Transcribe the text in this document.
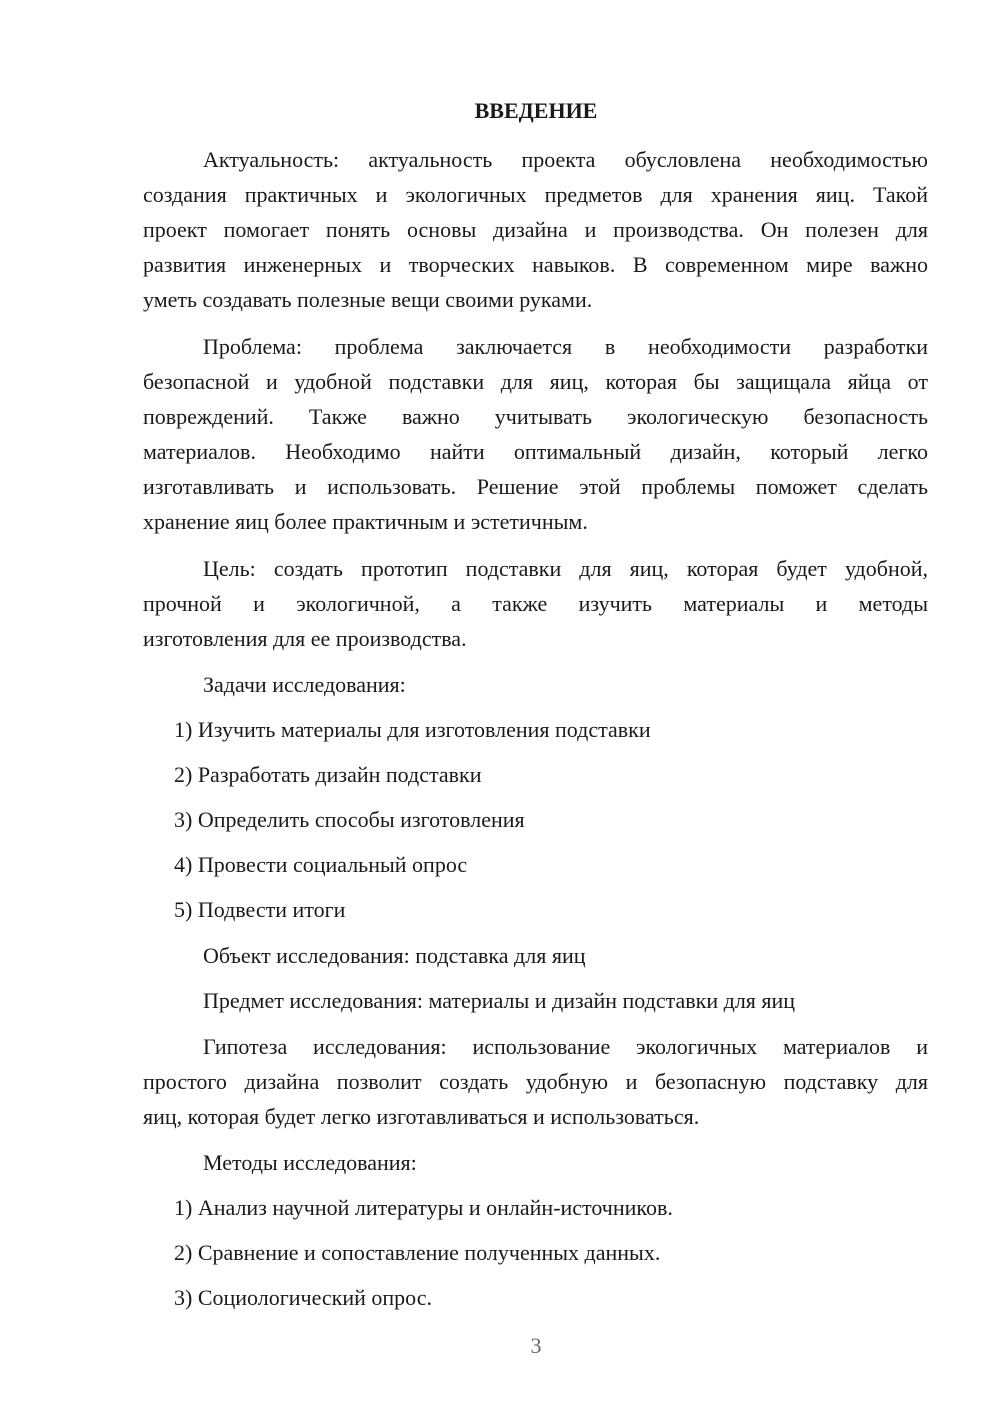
ВВЕДЕНИЕ
Актуальность: актуальность проекта обусловлена необходимостью
создания практичных и экологичных предметов для хранения яиц. Такой
проект помогает понять основы дизайна и производства. Он полезен для
развития инженерных и творческих навыков. В современном мире важно
уметь создавать полезные вещи своими руками.
Проблема: проблема заключается в необходимости разработки
безопасной и удобной подставки для яиц, которая бы защищала яйца от
повреждений. Также важно учитывать экологическую безопасность
материалов. Необходимо найти оптимальный дизайн, который легко
изготавливать и использовать. Решение этой проблемы поможет сделать
хранение яиц более практичным и эстетичным.
Цель: создать прототип подставки для яиц, которая будет удобной,
прочной и экологичной, а также изучить материалы и методы
изготовления для ее производства.
Задачи исследования:
1) Изучить материалы для изготовления подставки
2) Разработать дизайн подставки
3) Определить способы изготовления
4) Провести социальный опрос
5) Подвести итоги
Объект исследования: подставка для яиц
Предмет исследования: материалы и дизайн подставки для яиц
Гипотеза исследования: использование экологичных материалов и
простого дизайна позволит создать удобную и безопасную подставку для
яиц, которая будет легко изготавливаться и использоваться.
Методы исследования:
1) Анализ научной литературы и онлайн-источников.
2) Сравнение и сопоставление полученных данных.
3) Социологический опрос.
3
